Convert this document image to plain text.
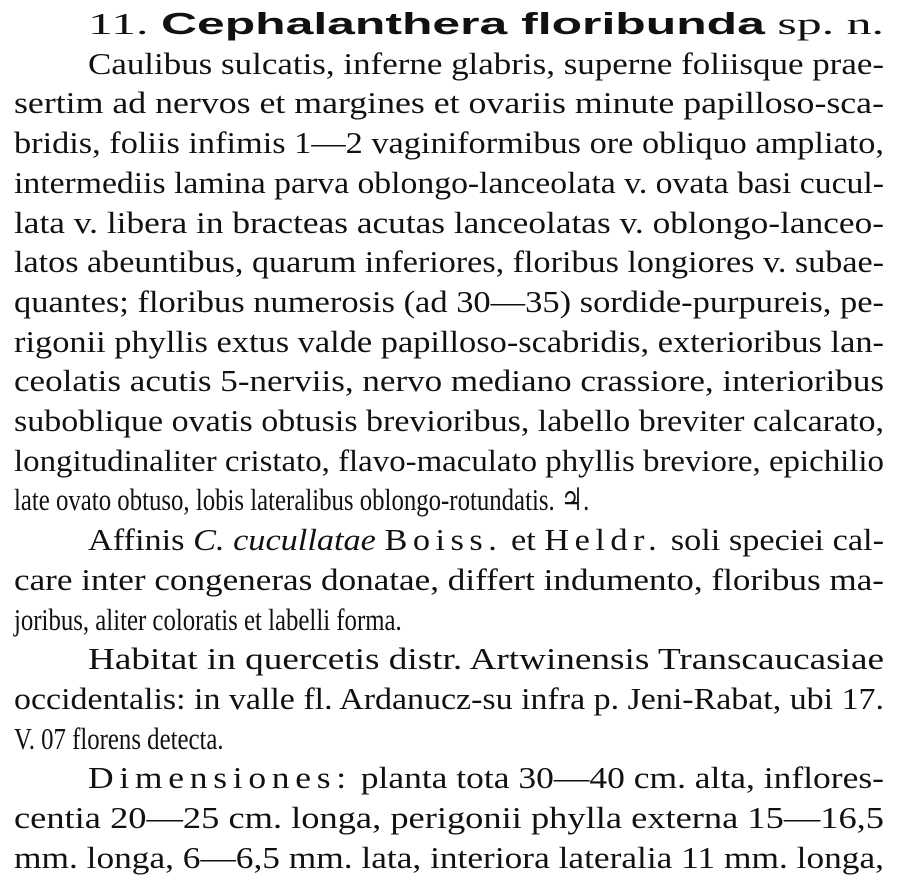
11. Cephalanthera floribunda sp. n.
Caulibus sulcatis, inferne glabris, superne foliisque prae-
sertim ad nervos et margines et ovariis minute papilloso-sca-
bridis, foliis infimis 1—2 vaginiformibus ore obliquo ampliato,
intermediis lamina parva oblongo-lanceolata v. ovata basi cucul-
lata v. libera in bracteas acutas lanceolatas v. oblongo-lanceo-
latos abeuntibus, quarum inferiores, floribus longiores v. subae-
quantes; floribus numerosis (ad 30—35) sordide-purpureis, pe-
rigonii phyllis extus valde papilloso-scabridis, exterioribus lan-
ceolatis acutis 5-nerviis, nervo mediano crassiore, interioribus
suboblique ovatis obtusis brevioribus, labello breviter calcarato,
longitudinaliter cristato, flavo-maculato phyllis breviore, epichilio
late ovato obtuso, lobis lateralibus oblongo-rotundatis. ♃.
Affinis C. cucullatae Boiss. et Heldr. soli speciei cal-
care inter congeneras donatae, differt indumento, floribus ma-
joribus, aliter coloratis et labelli forma.
Habitat in quercetis distr. Artwinensis Transcaucasiae
occidentalis: in valle fl. Ardanucz-su infra p. Jeni-Rabat, ubi 17.
V. 07 florens detecta.
Dimensiones: planta tota 30—40 cm. alta, inflores-
centia 20—25 cm. longa, perigonii phylla externa 15—16,5
mm. longa, 6—6,5 mm. lata, interiora lateralia 11 mm. longa,
